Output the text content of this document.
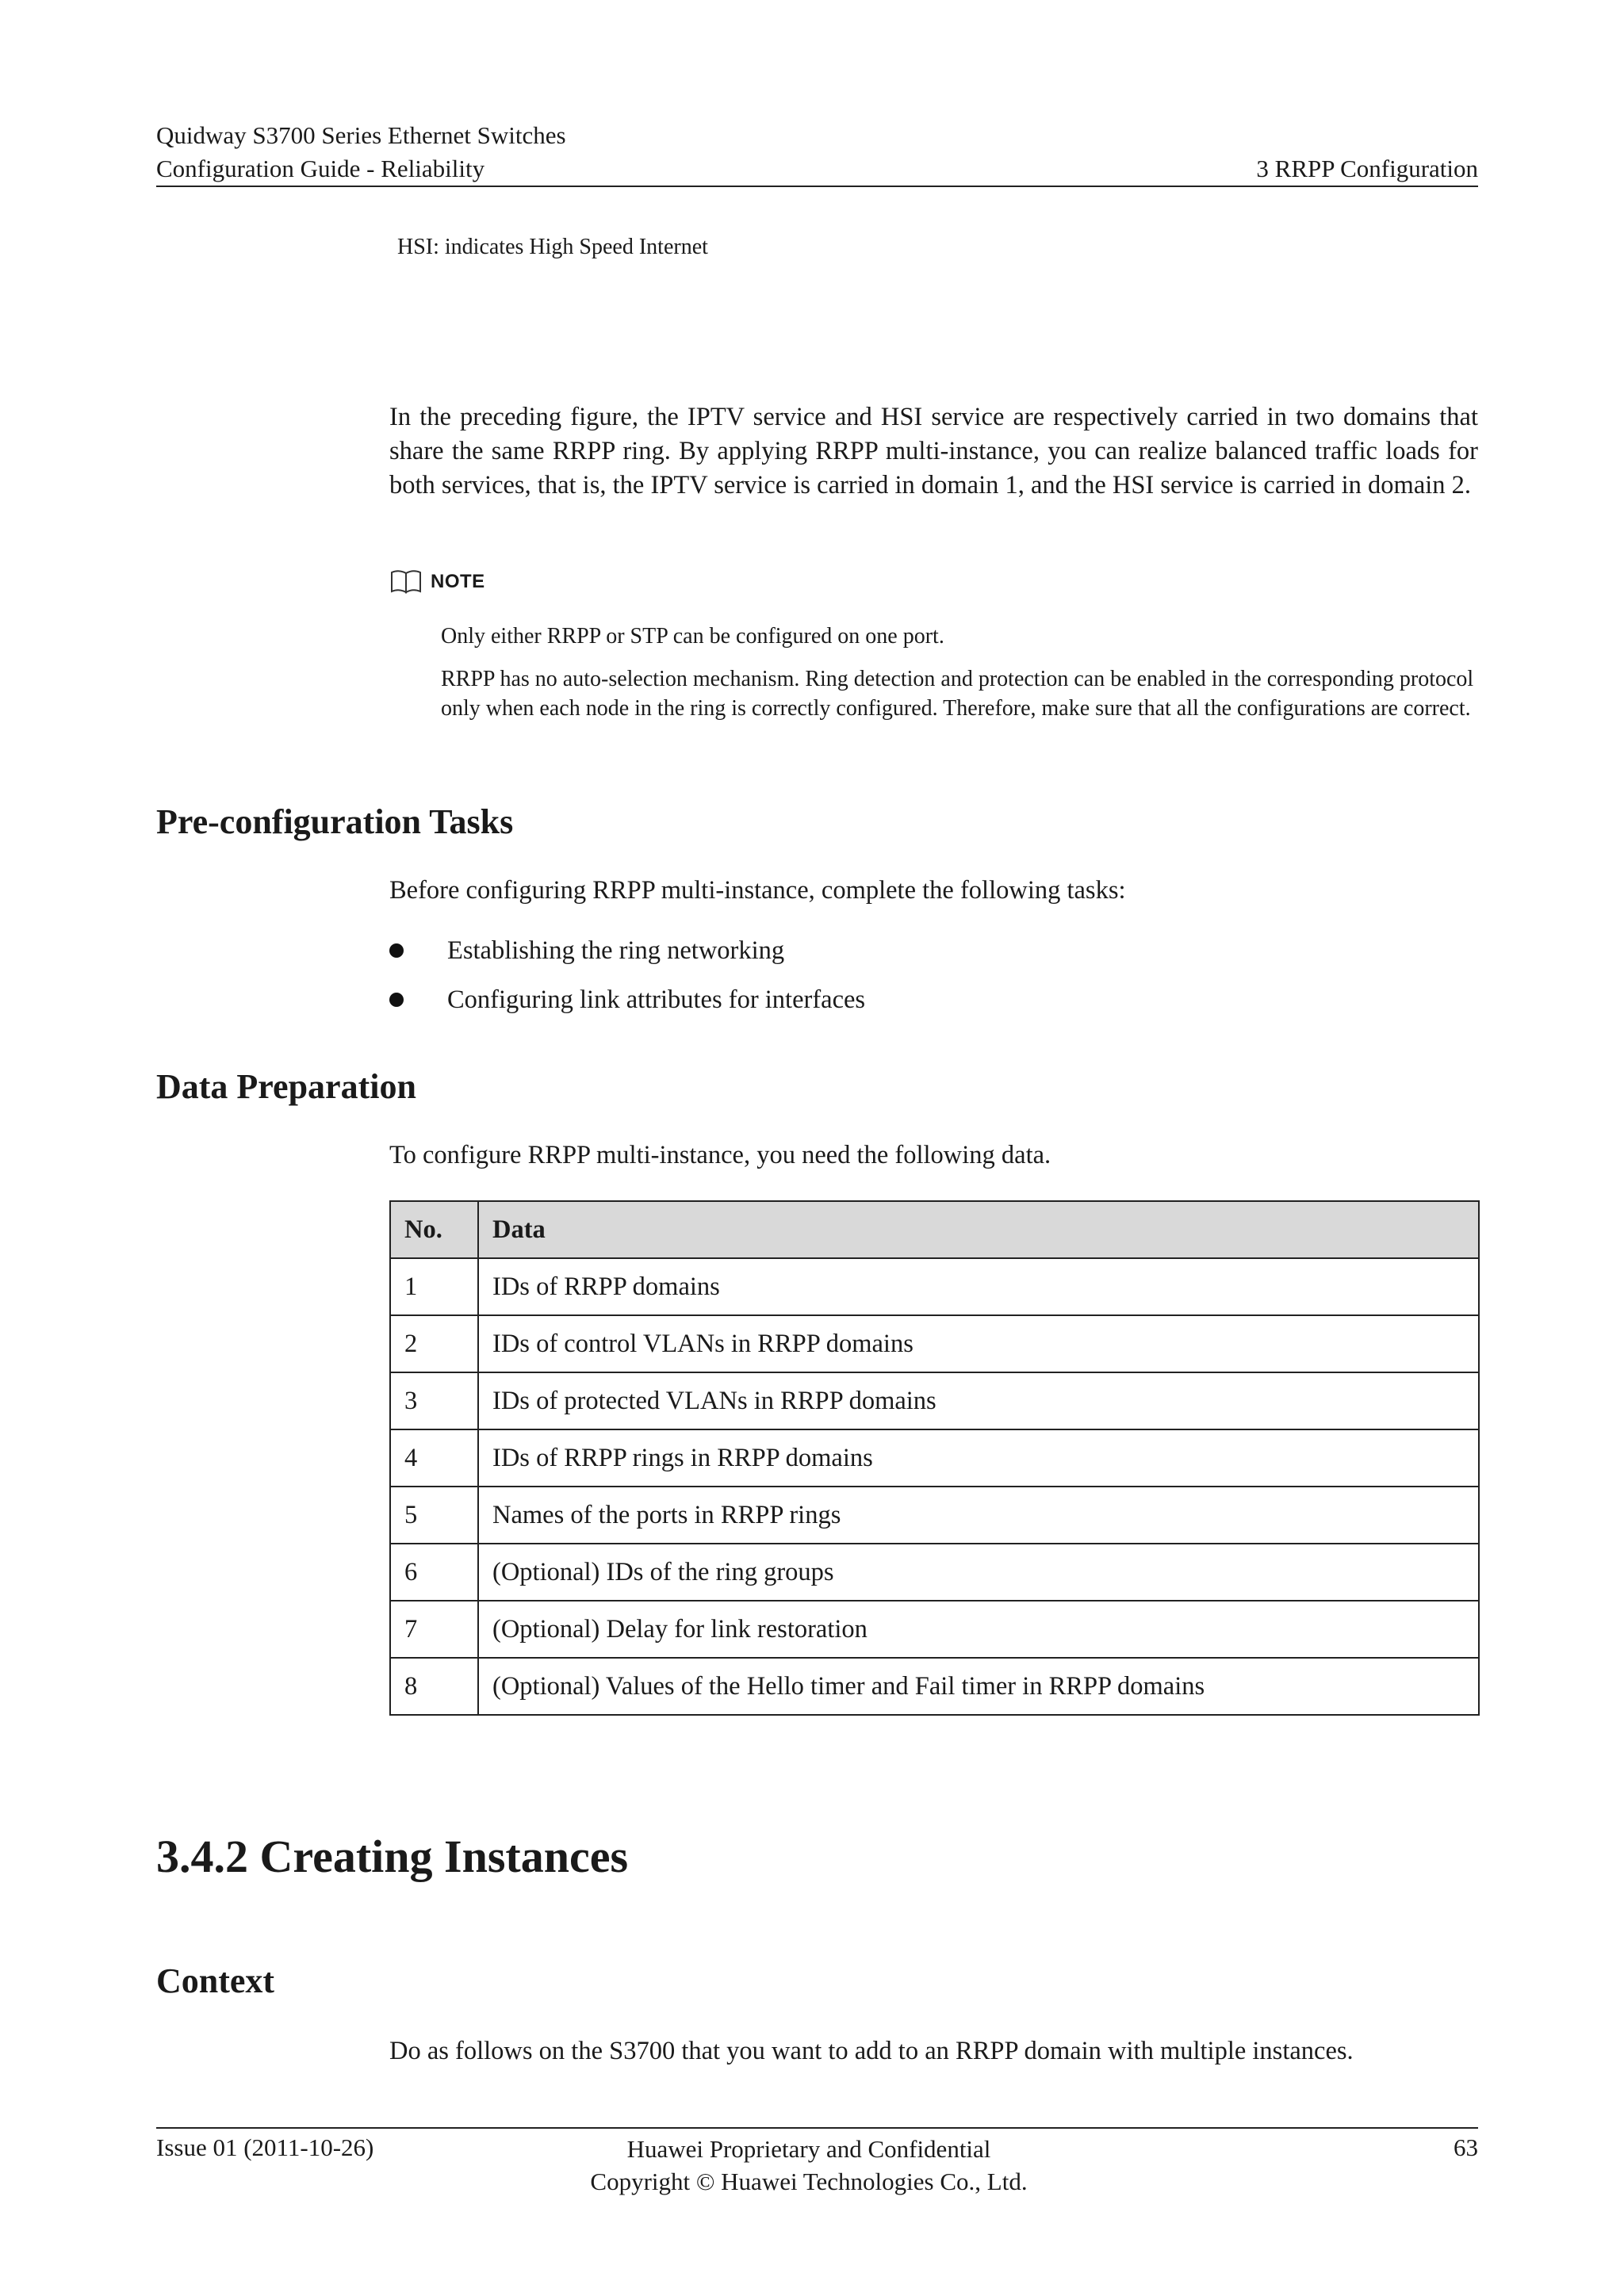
Quidway S3700 Series Ethernet Switches
Configuration Guide - Reliability	3 RRPP Configuration
HSI: indicates High Speed Internet
In the preceding figure, the IPTV service and HSI service are respectively carried in two domains that share the same RRPP ring. By applying RRPP multi-instance, you can realize balanced traffic loads for both services, that is, the IPTV service is carried in domain 1, and the HSI service is carried in domain 2.
NOTE
Only either RRPP or STP can be configured on one port.
RRPP has no auto-selection mechanism. Ring detection and protection can be enabled in the corresponding protocol only when each node in the ring is correctly configured. Therefore, make sure that all the configurations are correct.
Pre-configuration Tasks
Before configuring RRPP multi-instance, complete the following tasks:
Establishing the ring networking
Configuring link attributes for interfaces
Data Preparation
To configure RRPP multi-instance, you need the following data.
No.	Data
1	IDs of RRPP domains
2	IDs of control VLANs in RRPP domains
3	IDs of protected VLANs in RRPP domains
4	IDs of RRPP rings in RRPP domains
5	Names of the ports in RRPP rings
6	(Optional) IDs of the ring groups
7	(Optional) Delay for link restoration
8	(Optional) Values of the Hello timer and Fail timer in RRPP domains
3.4.2 Creating Instances
Context
Do as follows on the S3700 that you want to add to an RRPP domain with multiple instances.
Issue 01 (2011-10-26)	Huawei Proprietary and Confidential
Copyright © Huawei Technologies Co., Ltd.
63
